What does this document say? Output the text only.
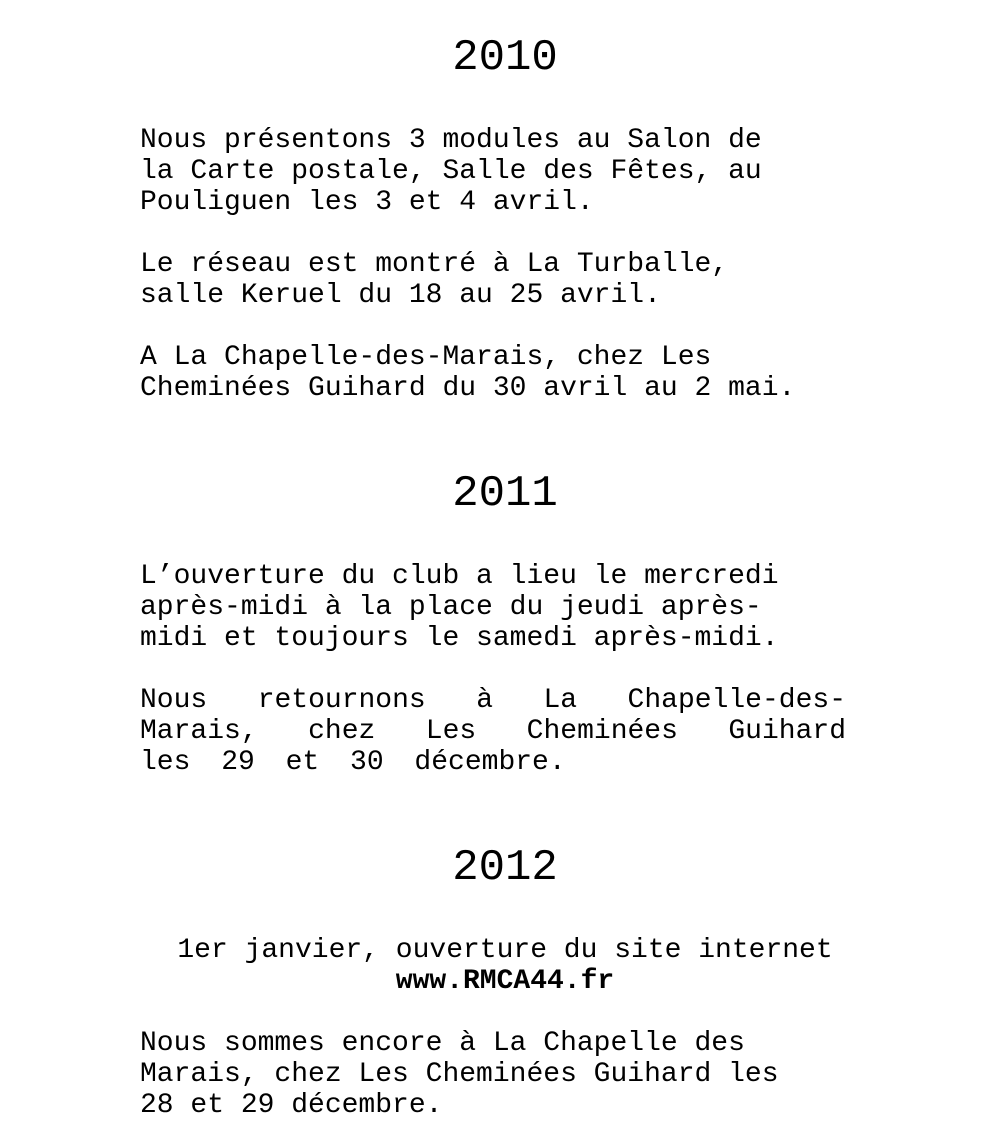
2010

Nous présentons 3 modules au Salon de
la Carte postale, Salle des Fêtes, au
Pouliguen les 3 et 4 avril.

Le réseau est montré à La Turballe,
salle Keruel du 18 au 25 avril.

A La Chapelle-des-Marais, chez Les
Cheminées Guihard du 30 avril au 2 mai.

2011

L’ouverture du club a lieu le mercredi
après-midi à la place du jeudi après-
midi et toujours le samedi après-midi.

Nous retournons à La Chapelle-des-
Marais, chez Les Cheminées Guihard
les 29 et 30 décembre.

2012

1er janvier, ouverture du site internet
www.RMCA44.fr

Nous sommes encore à La Chapelle des
Marais, chez Les Cheminées Guihard les
28 et 29 décembre.
